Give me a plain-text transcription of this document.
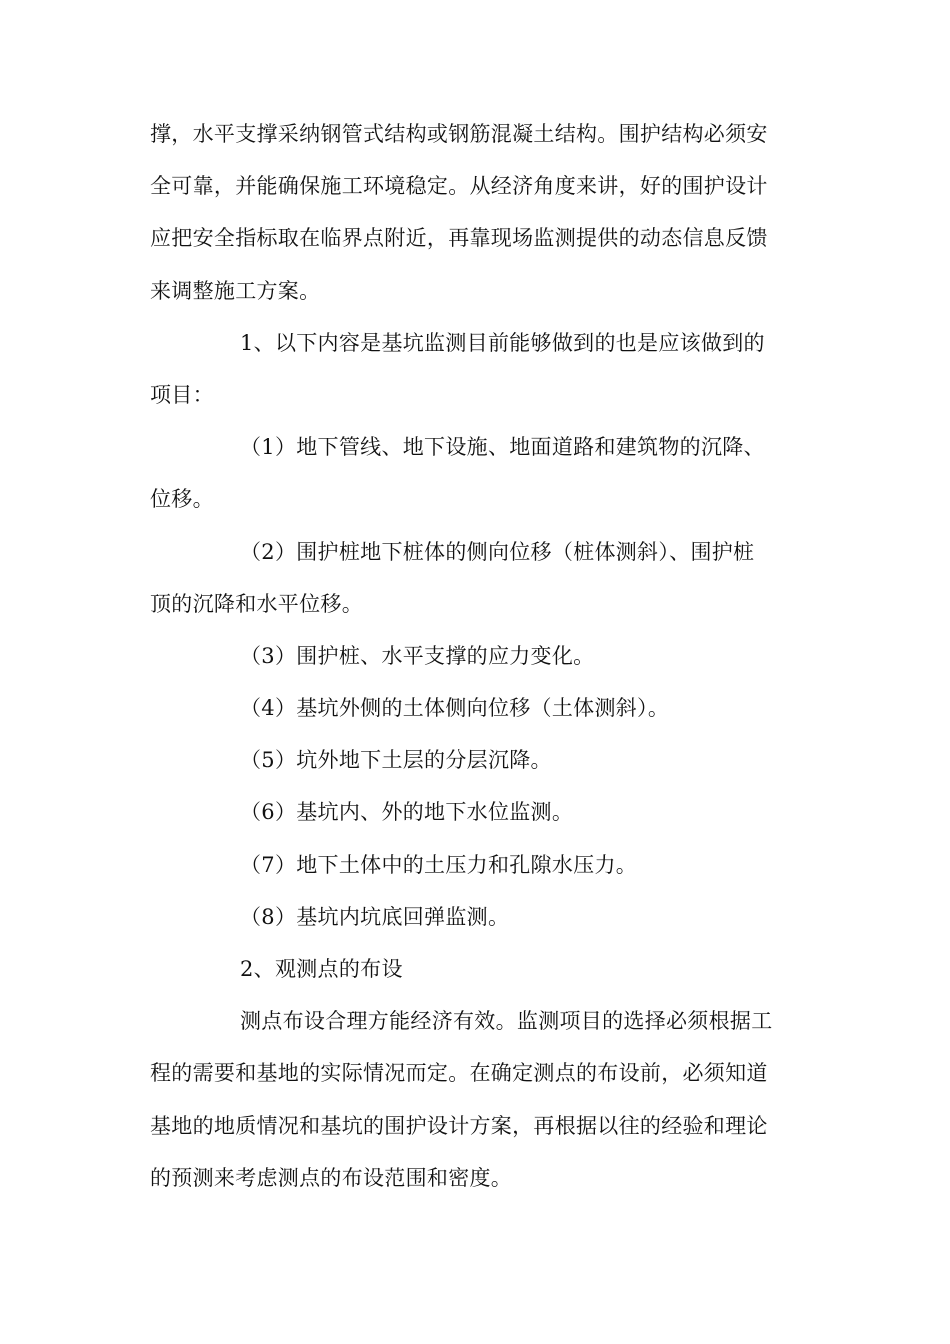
撑，水平支撑采纳钢管式结构或钢筋混凝土结构。围护结构必须安
全可靠，并能确保施工环境稳定。从经济角度来讲，好的围护设计
应把安全指标取在临界点附近，再靠现场监测提供的动态信息反馈
来调整施工方案。

1、以下内容是基坑监测目前能够做到的也是应该做到的
项目：

（1）地下管线、地下设施、地面道路和建筑物的沉降、
位移。

（2）围护桩地下桩体的侧向位移（桩体测斜）、围护桩
顶的沉降和水平位移。

（3）围护桩、水平支撑的应力变化。

（4）基坑外侧的土体侧向位移（土体测斜）。

（5）坑外地下土层的分层沉降。

（6）基坑内、外的地下水位监测。

（7）地下土体中的土压力和孔隙水压力。

（8）基坑内坑底回弹监测。

2、观测点的布设

测点布设合理方能经济有效。监测项目的选择必须根据工
程的需要和基地的实际情况而定。在确定测点的布设前，必须知道
基地的地质情况和基坑的围护设计方案，再根据以往的经验和理论
的预测来考虑测点的布设范围和密度。
